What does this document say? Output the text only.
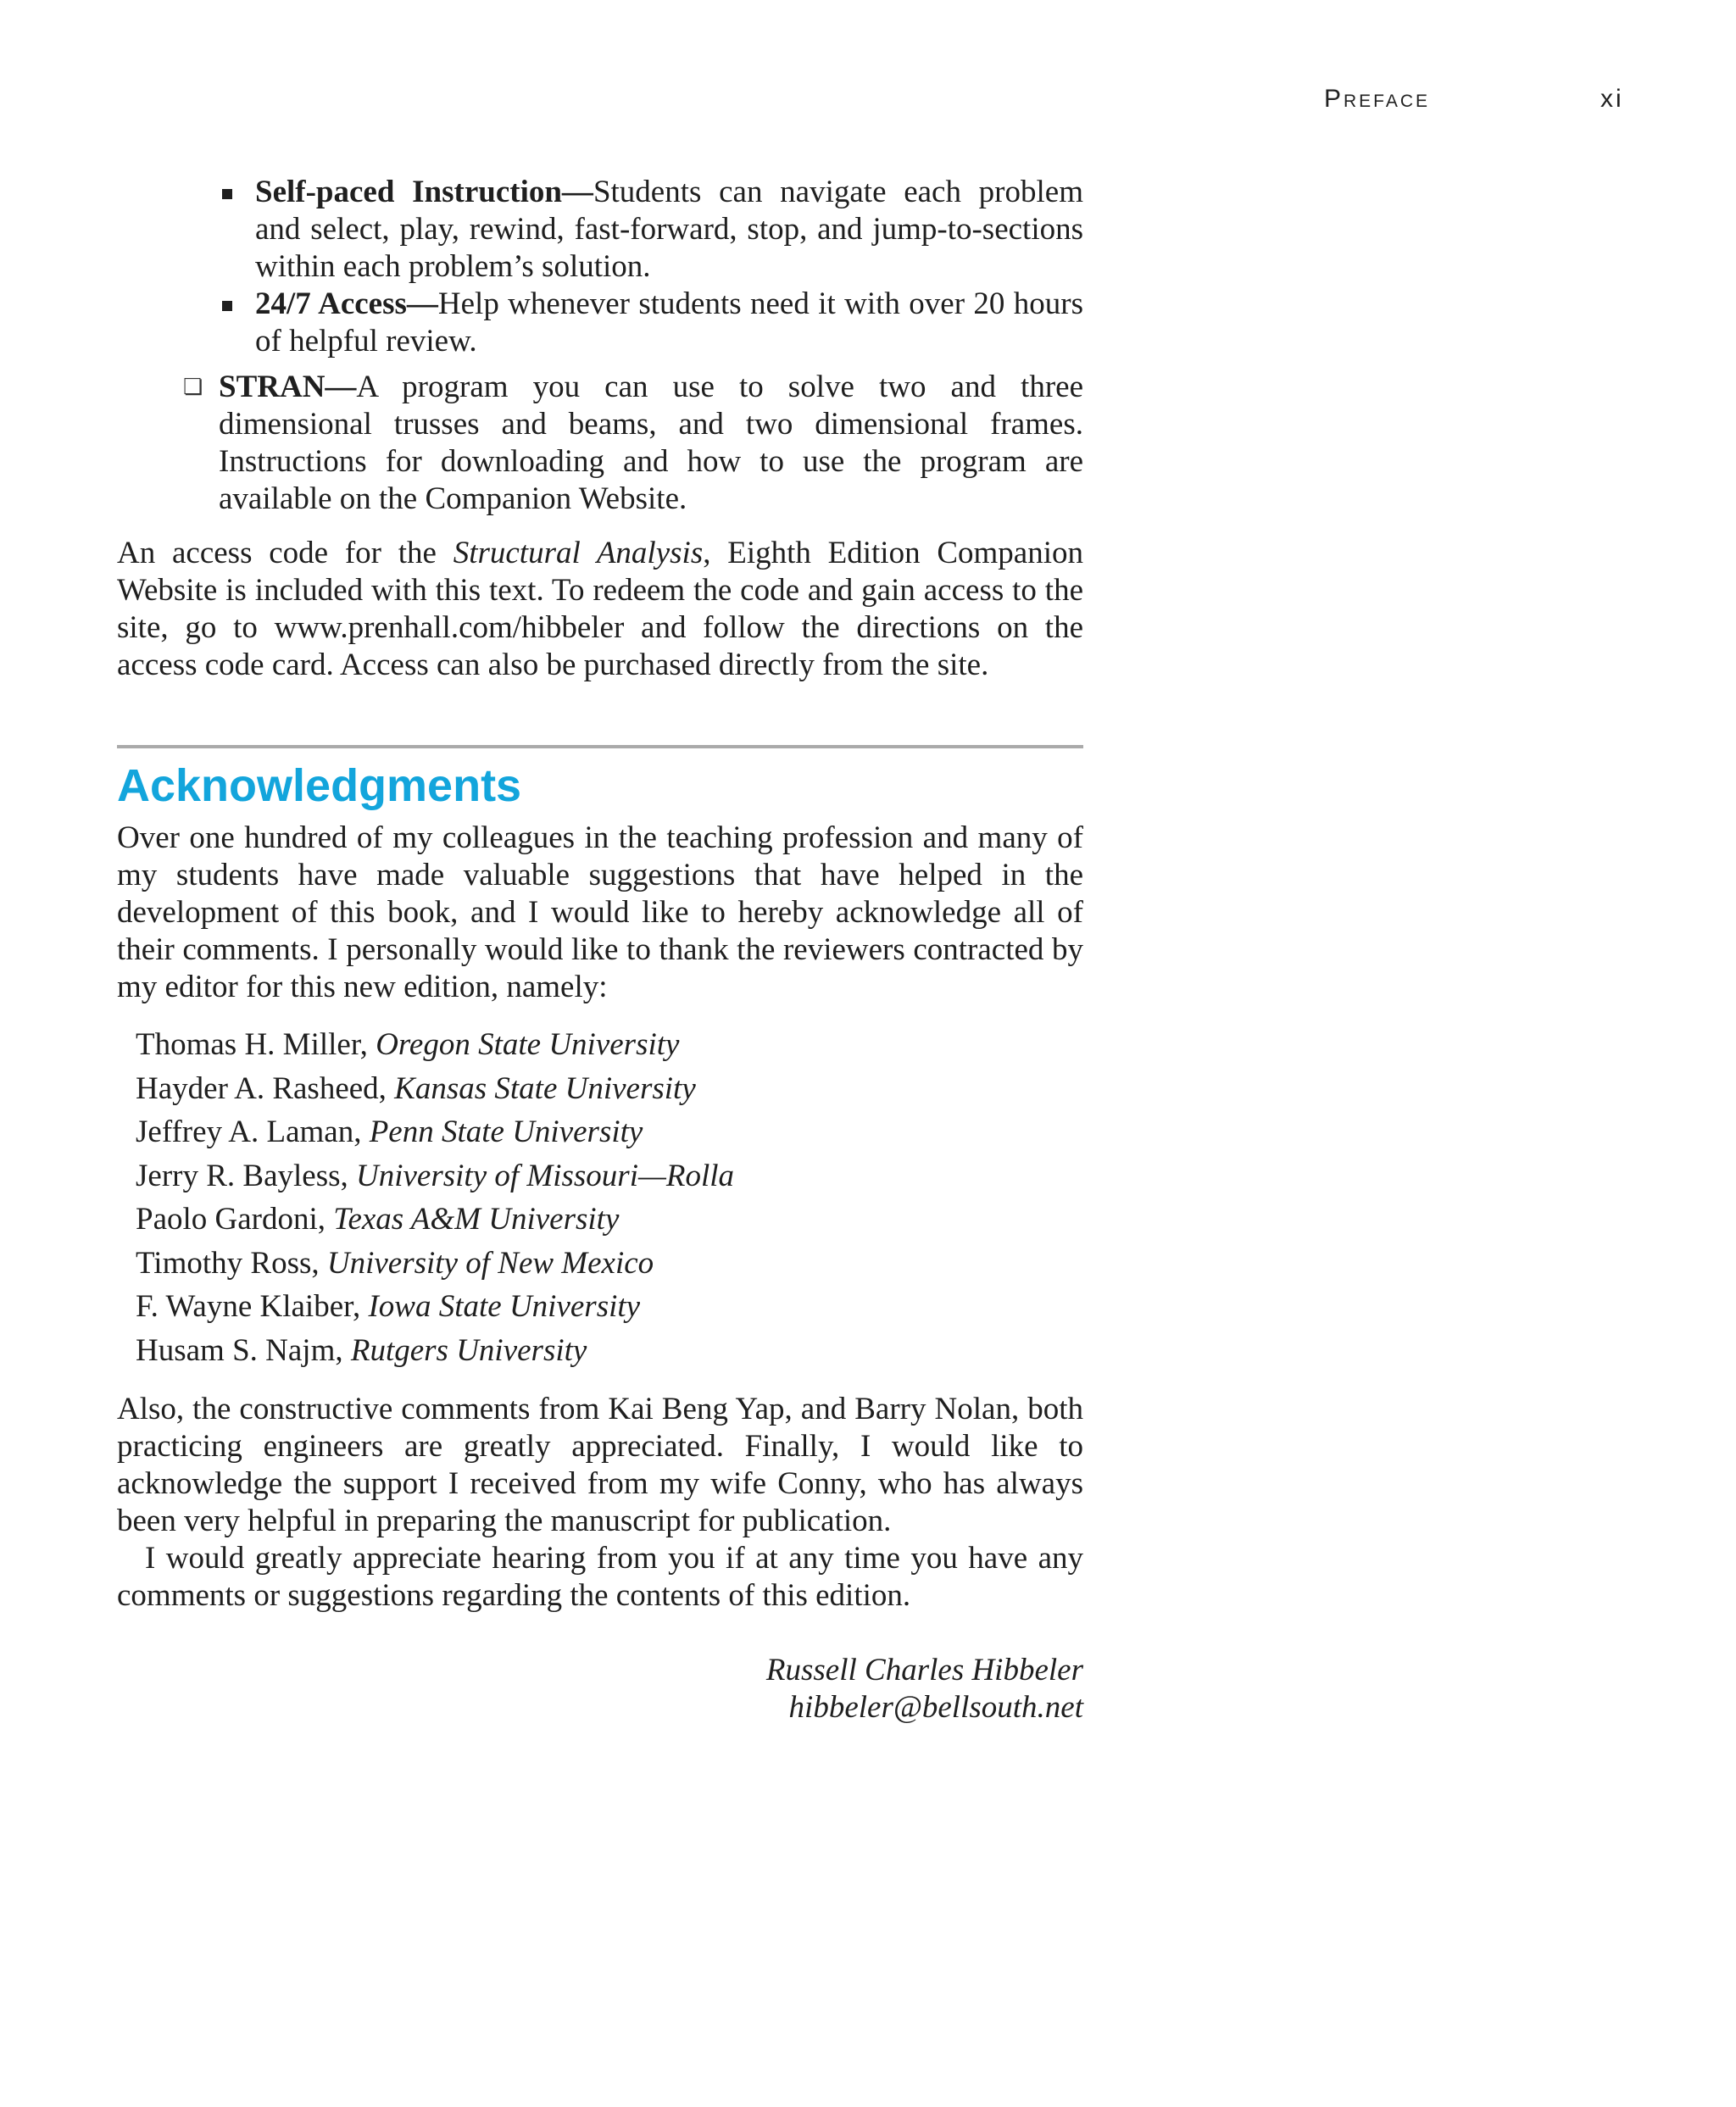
Preface	xi
Self-paced Instruction—Students can navigate each problem and select, play, rewind, fast-forward, stop, and jump-to-sections within each problem’s solution.
24/7 Access—Help whenever students need it with over 20 hours of helpful review.
❏ STRAN—A program you can use to solve two and three dimensional trusses and beams, and two dimensional frames. Instructions for downloading and how to use the program are available on the Companion Website.

An access code for the Structural Analysis, Eighth Edition Companion Website is included with this text. To redeem the code and gain access to the site, go to www.prenhall.com/hibbeler and follow the directions on the access code card. Access can also be purchased directly from the site.

Acknowledgments

Over one hundred of my colleagues in the teaching profession and many of my students have made valuable suggestions that have helped in the development of this book, and I would like to hereby acknowledge all of their comments. I personally would like to thank the reviewers contracted by my editor for this new edition, namely:

Thomas H. Miller, Oregon State University
Hayder A. Rasheed, Kansas State University
Jeffrey A. Laman, Penn State University
Jerry R. Bayless, University of Missouri—Rolla
Paolo Gardoni, Texas A&M University
Timothy Ross, University of New Mexico
F. Wayne Klaiber, Iowa State University
Husam S. Najm, Rutgers University

Also, the constructive comments from Kai Beng Yap, and Barry Nolan, both practicing engineers are greatly appreciated. Finally, I would like to acknowledge the support I received from my wife Conny, who has always been very helpful in preparing the manuscript for publication.

I would greatly appreciate hearing from you if at any time you have any comments or suggestions regarding the contents of this edition.

Russell Charles Hibbeler
hibbeler@bellsouth.net
